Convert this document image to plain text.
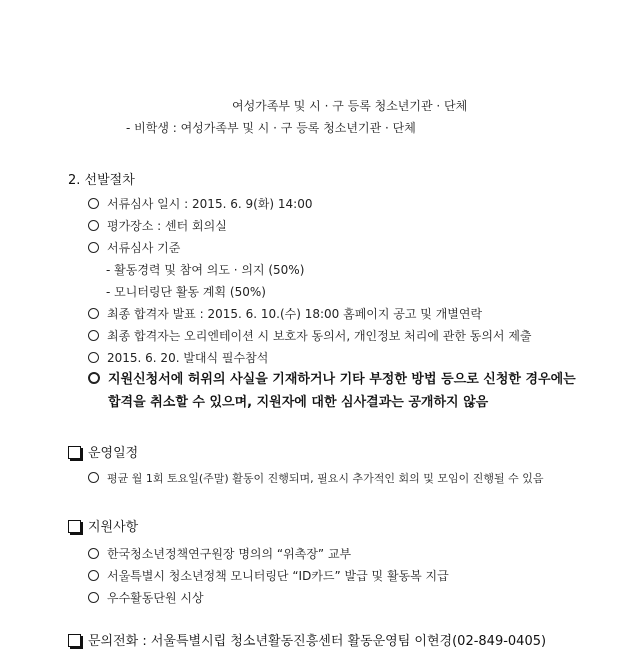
여성가족부 및 시 · 구 등록 청소년기관 · 단체
- 비학생 : 여성가족부 및 시 · 구 등록 청소년기관 · 단체
2. 선발절차
서류심사 일시 : 2015. 6. 9(화) 14:00
평가장소 : 센터 회의실
서류심사 기준
- 활동경력 및 참여 의도 · 의지 (50%)
- 모니터링단 활동 계획 (50%)
최종 합격자 발표 : 2015. 6. 10.(수) 18:00 홈페이지 공고 및 개별연락
최종 합격자는 오리엔테이션 시 보호자 동의서, 개인정보 처리에 관한 동의서 제출
2015. 6. 20. 발대식 필수참석
지원신청서에 허위의 사실을 기재하거나 기타 부정한 방법 등으로 신청한 경우에는
합격을 취소할 수 있으며, 지원자에 대한 심사결과는 공개하지 않음
운영일정
평균 월 1회 토요일(주말) 활동이 진행되며, 필요시 추가적인 회의 및 모임이 진행될 수 있음
지원사항
한국청소년정책연구원장 명의의 “위촉장” 교부
서울특별시 청소년정책 모니터링단 “ID카드” 발급 및 활동복 지급
우수활동단원 시상
문의전화 : 서울특별시립 청소년활동진흥센터 활동운영팀 이현경(02-849-0405)
